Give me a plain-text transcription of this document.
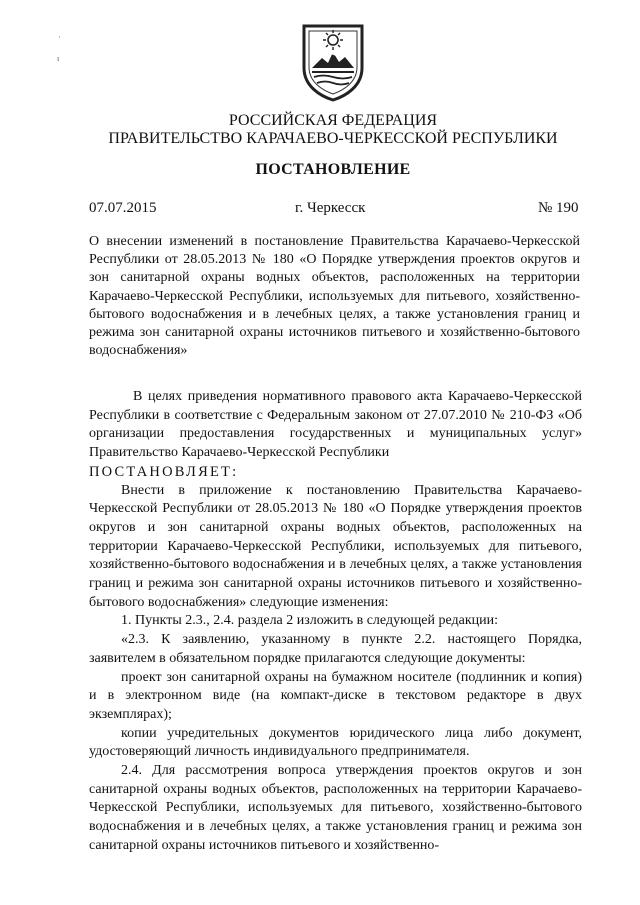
·
ı
РОССИЙСКАЯ ФЕДЕРАЦИЯ
ПРАВИТЕЛЬСТВО КАРАЧАЕВО-ЧЕРКЕССКОЙ РЕСПУБЛИКИ
ПОСТАНОВЛЕНИЕ
07.07.2015	г. Черкесск	№ 190

О внесении изменений в постановление Правительства Карачаево-Черкесской Республики от 28.05.2013 № 180 «О Порядке утверждения проектов округов и зон санитарной охраны водных объектов, расположенных на территории Карачаево-Черкесской Республики, используемых для питьевого, хозяйственно-бытового водоснабжения и в лечебных целях, а также установления границ и режима зон санитарной охраны источников питьевого и хозяйственно-бытового водоснабжения»

В целях приведения нормативного правового акта Карачаево-Черкесской Республики в соответствие с Федеральным законом от 27.07.2010 № 210-ФЗ «Об организации предоставления государственных и муниципальных услуг» Правительство Карачаево-Черкесской Республики

ПОСТАНОВЛЯЕТ:

Внести в приложение к постановлению Правительства Карачаево-Черкесской Республики от 28.05.2013 № 180 «О Порядке утверждения проектов округов и зон санитарной охраны водных объектов, расположенных на территории Карачаево-Черкесской Республики, используемых для питьевого, хозяйственно-бытового водоснабжения и в лечебных целях, а также установления границ и режима зон санитарной охраны источников питьевого и хозяйственно-бытового водоснабжения» следующие изменения:

1. Пункты 2.3., 2.4. раздела 2 изложить в следующей редакции:

«2.3. К заявлению, указанному в пункте 2.2. настоящего Порядка, заявителем в обязательном порядке прилагаются следующие документы:

проект зон санитарной охраны на бумажном носителе (подлинник и копия) и в электронном виде (на компакт-диске в текстовом редакторе в двух экземплярах);

копии учредительных документов юридического лица либо документ, удостоверяющий личность индивидуального предпринимателя.

2.4. Для рассмотрения вопроса утверждения проектов округов и зон санитарной охраны водных объектов, расположенных на территории Карачаево-Черкесской Республики, используемых для питьевого, хозяйственно-бытового водоснабжения и в лечебных целях, а также установления границ и режима зон санитарной охраны источников питьевого и хозяйственно-
